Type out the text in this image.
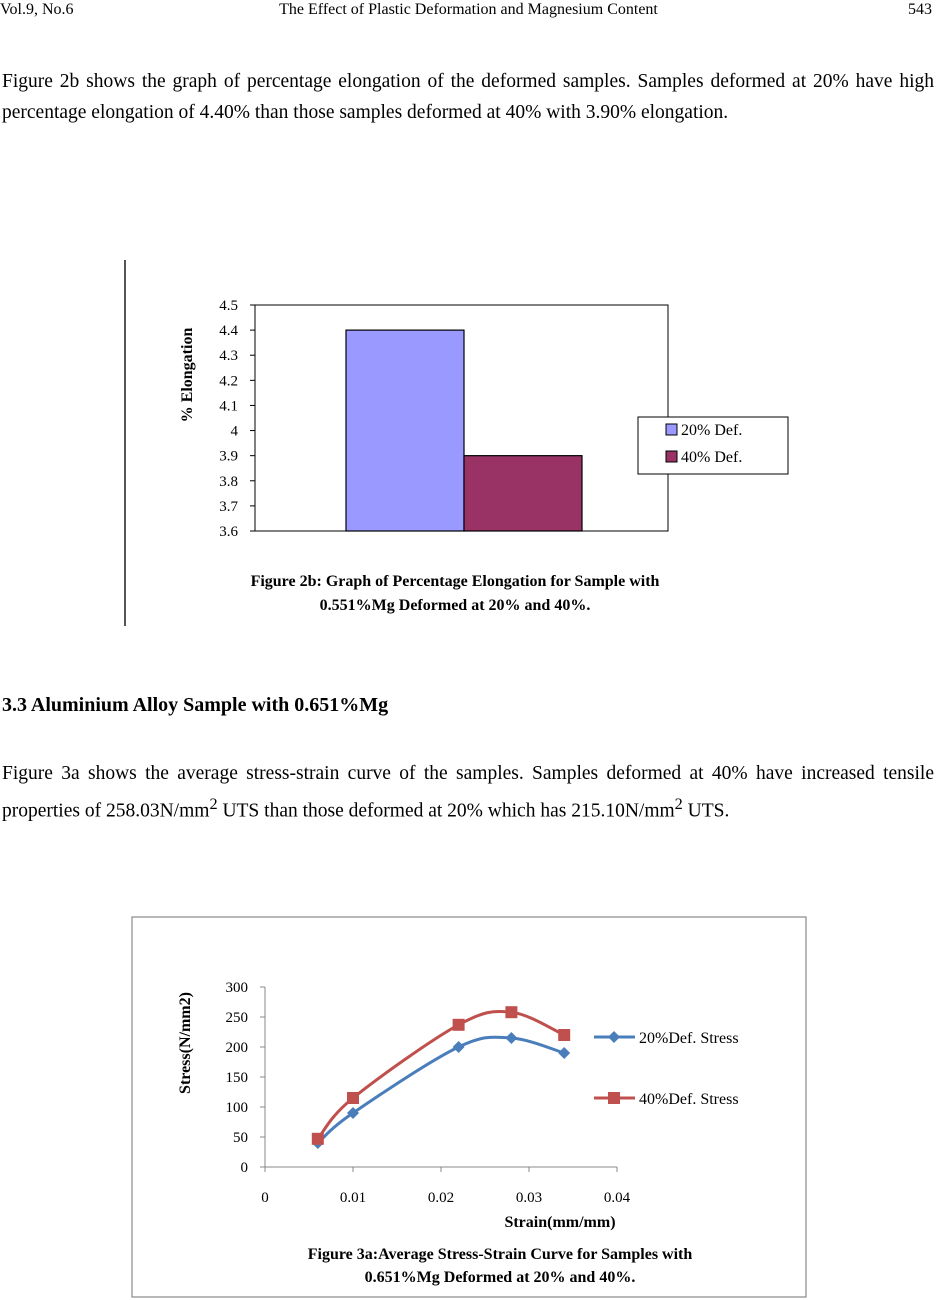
Vol.9, No.6	The Effect of Plastic Deformation and Magnesium Content	543

Figure 2b shows the graph of percentage elongation of the deformed samples. Samples deformed at 20% have high percentage elongation of 4.40% than those samples deformed at 40% with 3.90% elongation.

3.6
3.7
3.8
3.9
4
4.1
4.2
4.3
4.4
4.5
% Elongation
20% Def.
40% Def.
Figure 2b: Graph of Percentage Elongation for Sample with
0.551%Mg Deformed at 20% and 40%.
3.3 Aluminium Alloy Sample with 0.651%Mg

Figure 3a shows the average stress-strain curve of the samples. Samples deformed at 40% have increased tensile properties of $258.03N/mm^2$ UTS than those deformed at 20% which has $215.10N/mm^2$ UTS.

0
50
100
150
200
250
300
0	0.01	0.02	0.03	0.04
Strain(mm/mm)
Stress(N/mm2)	20%Def. Stress
40%Def. Stress
Figure 3a:Average Stress-Strain Curve for Samples with
0.651%Mg Deformed at 20% and 40%.
